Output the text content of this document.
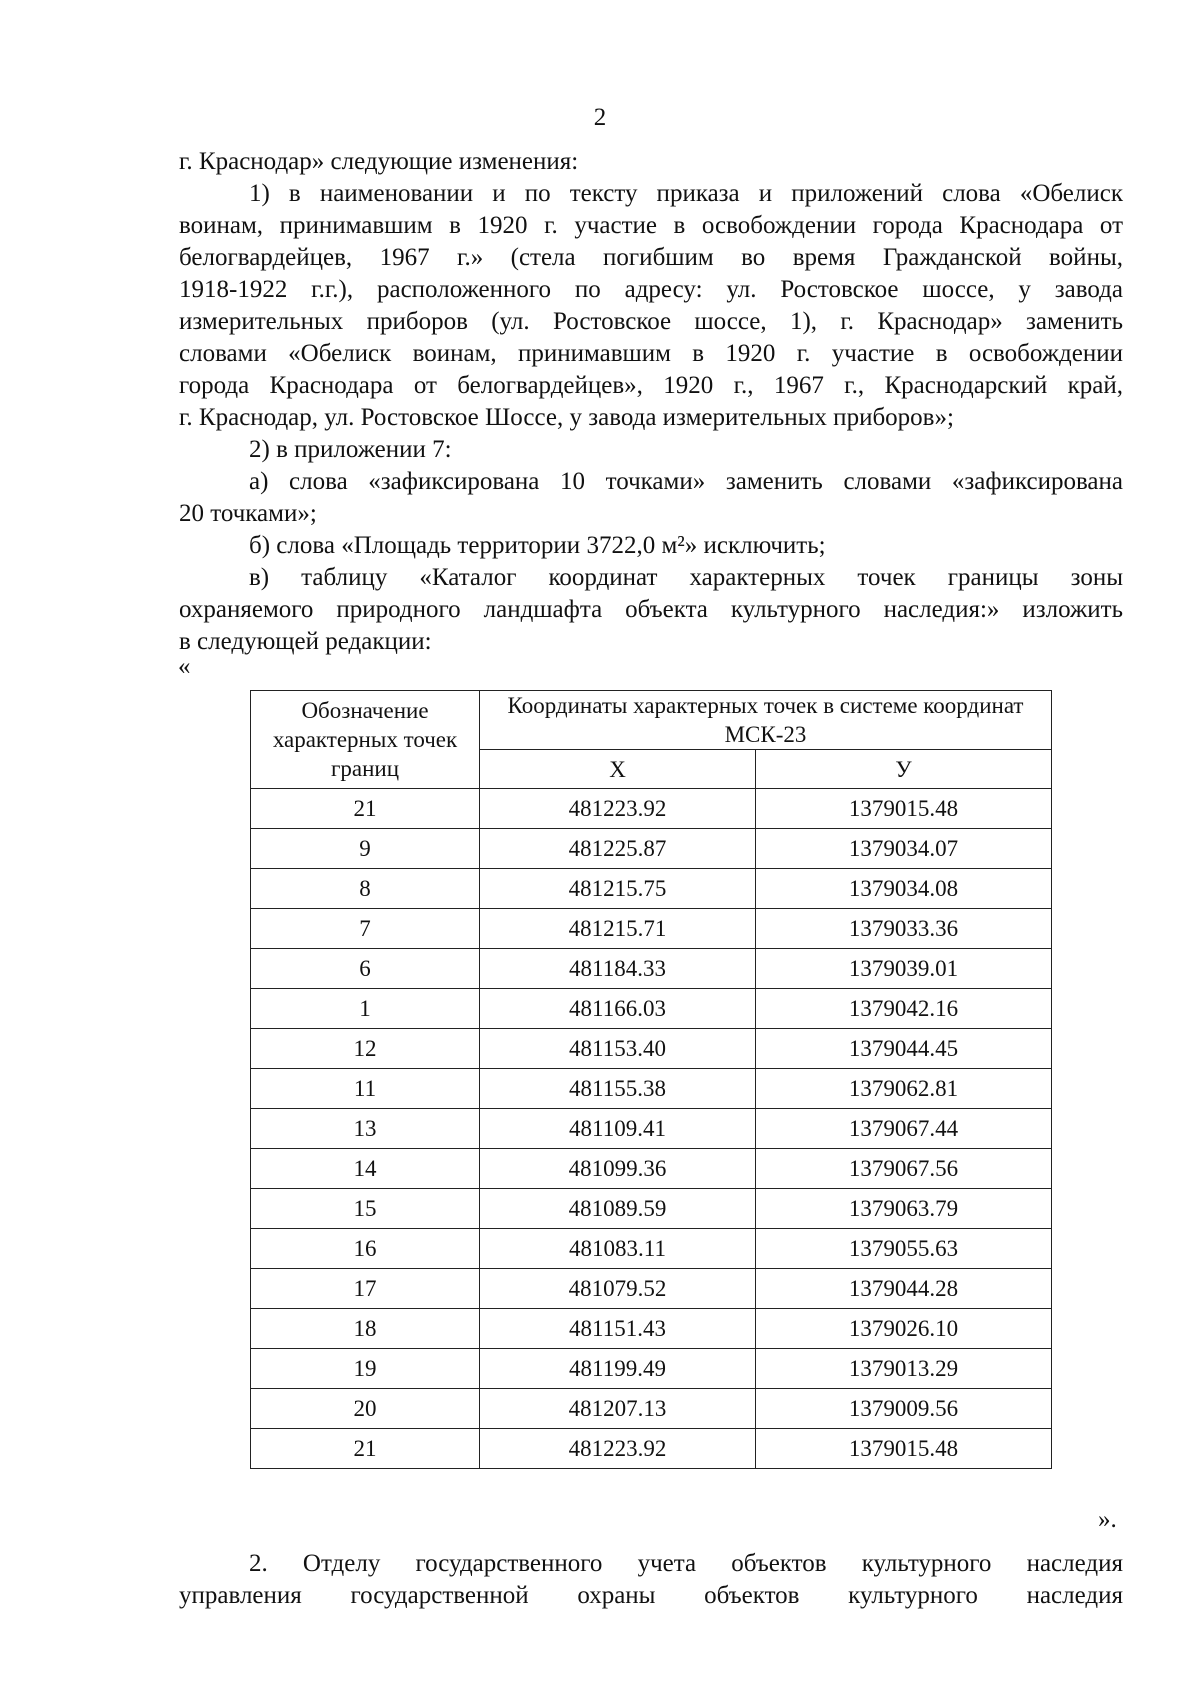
2
г. Краснодар» следующие изменения:
1) в наименовании и по тексту приказа и приложений слова «Обелиск
воинам, принимавшим в 1920 г. участие в освобождении города Краснодара от
белогвардейцев, 1967 г.» (стела погибшим во время Гражданской войны,
1918-1922 г.г.), расположенного по адресу: ул. Ростовское шоссе, у завода
измерительных приборов (ул. Ростовское шоссе, 1), г. Краснодар» заменить
словами «Обелиск воинам, принимавшим в 1920 г. участие в освобождении
города Краснодара от белогвардейцев», 1920 г., 1967 г., Краснодарский край,
г. Краснодар, ул. Ростовское Шоссе, у завода измерительных приборов»;
2) в приложении 7:
а) слова «зафиксирована 10 точками» заменить словами «зафиксирована
20 точками»;
б) слова «Площадь территории 3722,0 м²» исключить;
в) таблицу «Каталог координат характерных точек границы зоны
охраняемого природного ландшафта объекта культурного наследия:» изложить
в следующей редакции:
«
Обозначение характерных точек границ	Координаты характерных точек в системе координат МСК-23	
	X	У
21	481223.92	1379015.48
9	481225.87	1379034.07
8	481215.75	1379034.08
7	481215.71	1379033.36
6	481184.33	1379039.01
1	481166.03	1379042.16
12	481153.40	1379044.45
11	481155.38	1379062.81
13	481109.41	1379067.44
14	481099.36	1379067.56
15	481089.59	1379063.79
16	481083.11	1379055.63
17	481079.52	1379044.28
18	481151.43	1379026.10
19	481199.49	1379013.29
20	481207.13	1379009.56
21	481223.92	1379015.48
».
2. Отделу государственного учета объектов культурного наследия
управления государственной охраны объектов культурного наследия
